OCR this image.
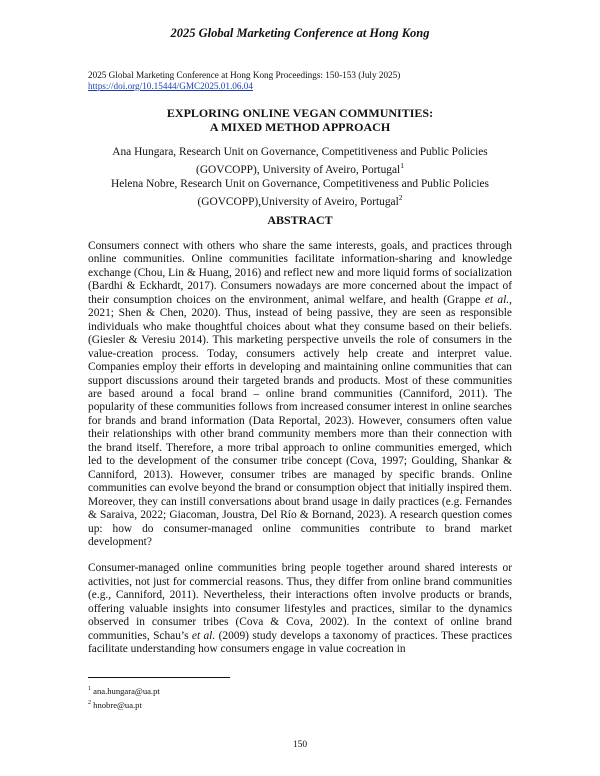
2025 Global Marketing Conference at Hong Kong
2025 Global Marketing Conference at Hong Kong Proceedings: 150-153 (July 2025)
https://doi.org/10.15444/GMC2025.01.06.04
EXPLORING ONLINE VEGAN COMMUNITIES:
A MIXED METHOD APPROACH
Ana Hungara, Research Unit on Governance, Competitiveness and Public Policies
(GOVCOPP), University of Aveiro, Portugal$^1$
Helena Nobre, Research Unit on Governance, Competitiveness and Public Policies
(GOVCOPP),University of Aveiro, Portugal$^2$
ABSTRACT

Consumers connect with others who share the same interests, goals, and practices through online communities. Online communities facilitate information-sharing and knowledge exchange (Chou, Lin & Huang, 2016) and reflect new and more liquid forms of socialization (Bardhi & Eckhardt, 2017). Consumers nowadays are more concerned about the impact of their consumption choices on the environment, animal welfare, and health (Grappe et al., 2021; Shen & Chen, 2020). Thus, instead of being passive, they are seen as responsible individuals who make thoughtful choices about what they consume based on their beliefs. (Giesler & Veresiu 2014). This marketing perspective unveils the role of consumers in the value-creation process. Today, consumers actively help create and interpret value. Companies employ their efforts in developing and maintaining online communities that can support discussions around their targeted brands and products. Most of these communities are based around a focal brand – online brand communities (Canniford, 2011). The popularity of these communities follows from increased consumer interest in online searches for brands and brand information (Data Reportal, 2023). However, consumers often value their relationships with other brand community members more than their connection with the brand itself. Therefore, a more tribal approach to online communities emerged, which led to the development of the consumer tribe concept (Cova, 1997; Goulding, Shankar & Canniford, 2013). However, consumer tribes are managed by specific brands. Online communities can evolve beyond the brand or consumption object that initially inspired them. Moreover, they can instill conversations about brand usage in daily practices (e.g. Fernandes & Saraiva, 2022; Giacoman, Joustra, Del Río & Bornand, 2023). A research question comes up: how do consumer-managed online communities contribute to brand market development?

Consumer-managed online communities bring people together around shared interests or activities, not just for commercial reasons. Thus, they differ from online brand communities (e.g., Canniford, 2011). Nevertheless, their interactions often involve products or brands, offering valuable insights into consumer lifestyles and practices, similar to the dynamics observed in consumer tribes (Cova & Cova, 2002). In the context of online brand communities, Schau’s et al. (2009) study develops a taxonomy of practices. These practices facilitate understanding how consumers engage in value cocreation in

$^1$ ana.hungara@ua.pt
$^2$ hnobre@ua.pt
150
